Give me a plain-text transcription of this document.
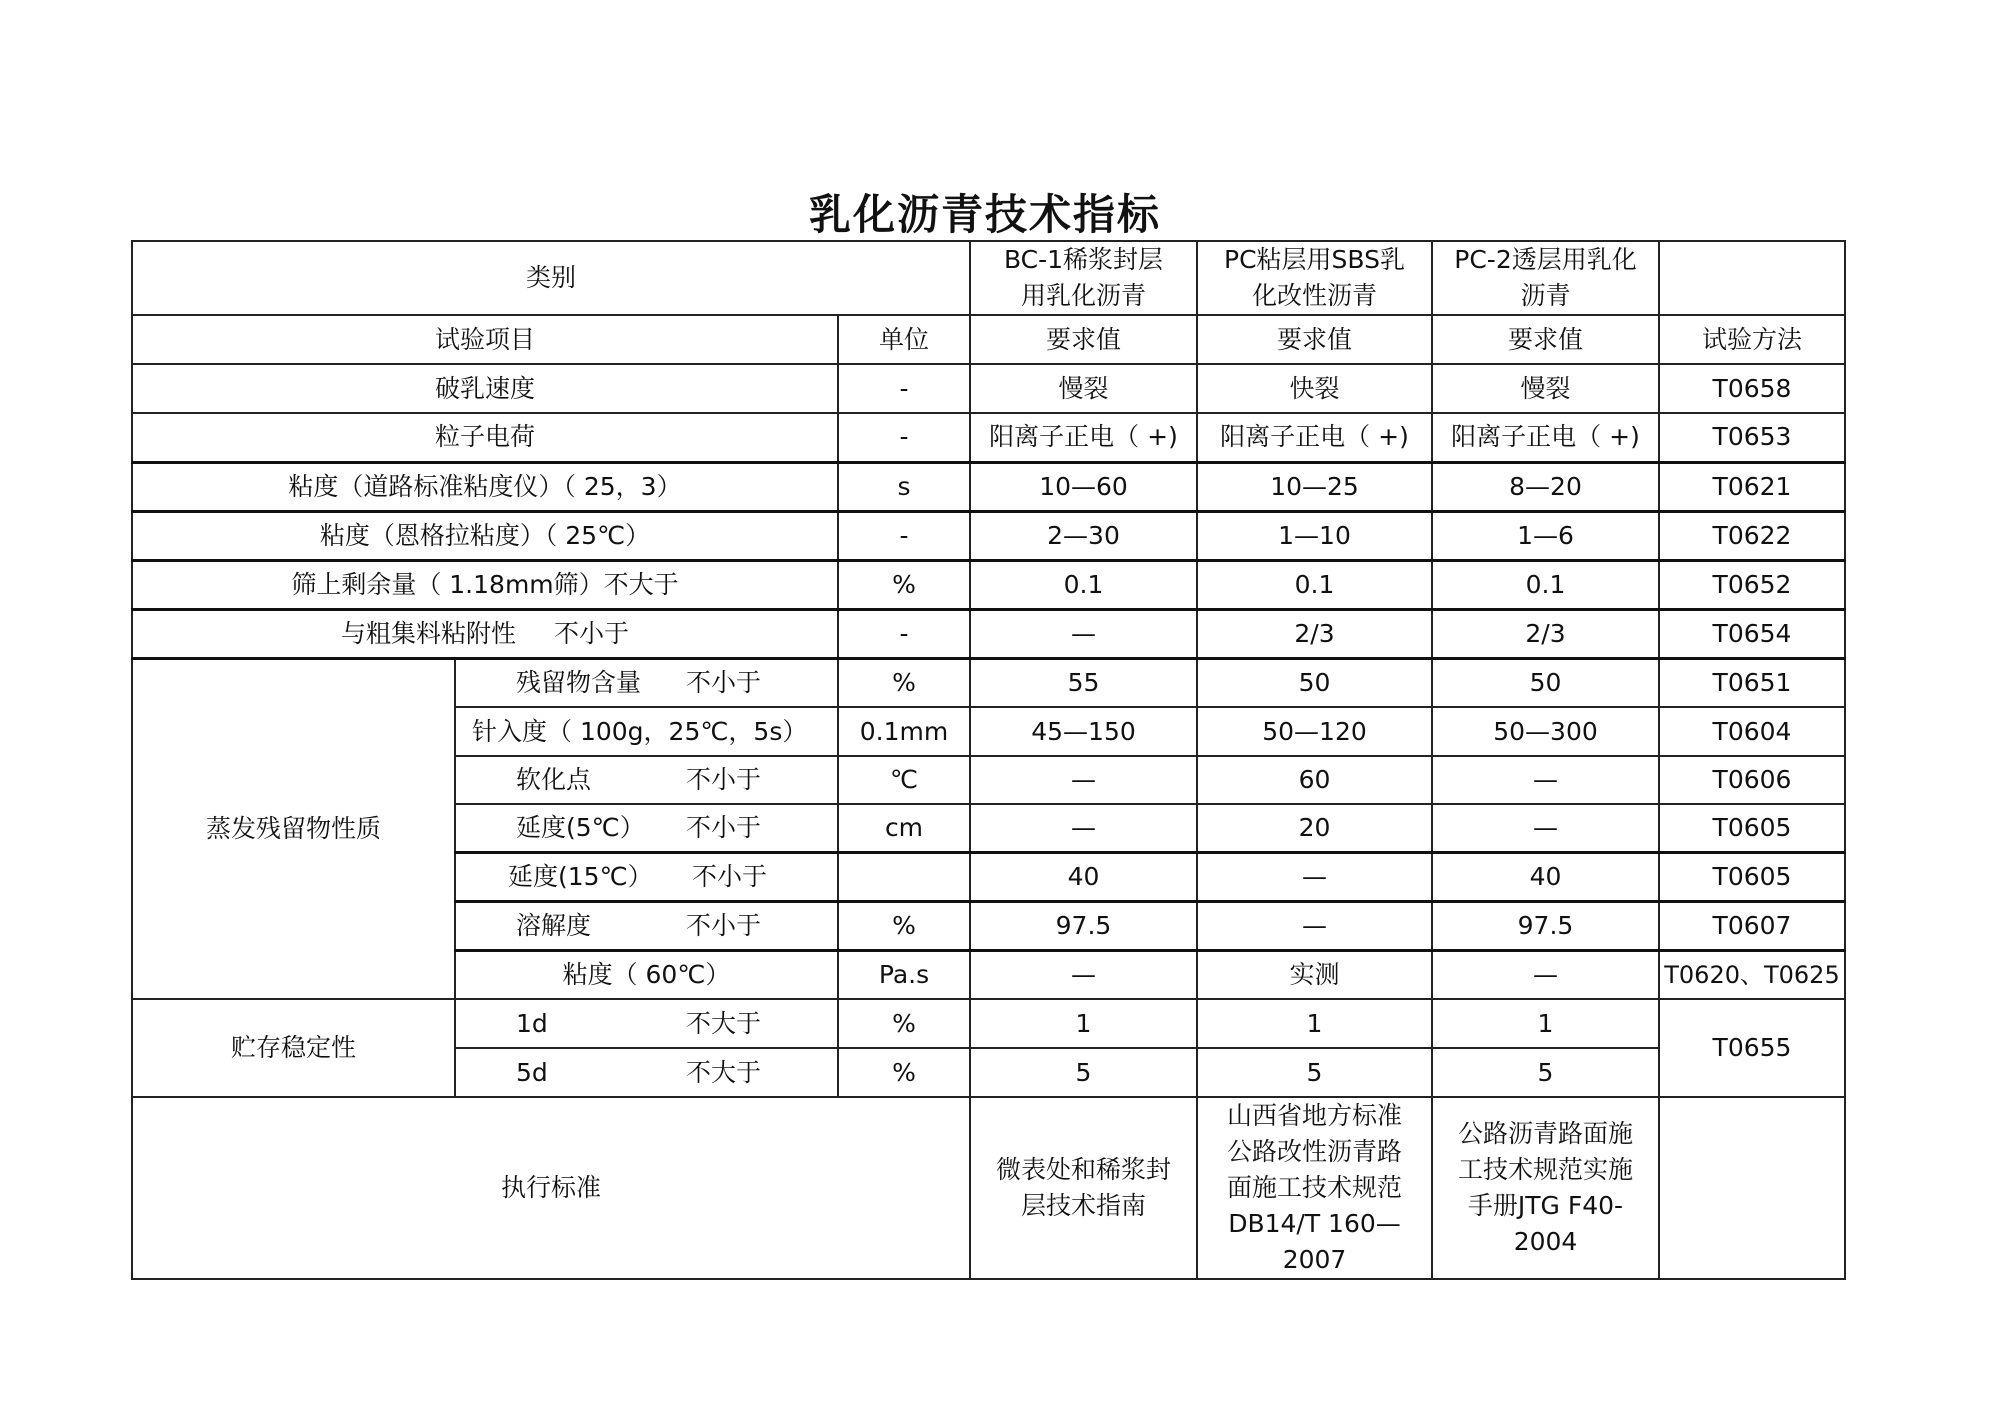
乳化沥青技术指标
类别			BC-1稀浆封层用乳化沥青	PC粘层用SBS乳化改性沥青	PC-2透层用乳化沥青	
试验项目		单位	要求值	要求值	要求值	试验方法
破乳速度		-	慢裂	快裂	慢裂	T0658
粒子电荷		-	阳离子正电（ +)	阳离子正电（ +)	阳离子正电（ +)	T0653
粘度（道路标准粘度仪）（ 25，3）		s	10—60	10—25	8—20	T0621
粘度（恩格拉粘度）（ 25℃）		-	2—30	1—10	1—6	T0622
筛上剩余量（ 1.18mm筛）不大于		%	0.1	0.1	0.1	T0652
与粗集料粘附性 不小于		-	—	2/3	2/3	T0654
蒸发残留物性质	残留物含量 不小于	%	55	50	50	T0651
	针入度（ 100g，25℃，5s）	0.1mm	45—150	50—120	50—300	T0604
	软化点 不小于	℃	—	60	—	T0606
	延度(5℃） 不小于	cm	—	20	—	T0605
	延度(15℃） 不小于		40	—	40	T0605
	溶解度 不小于	%	97.5	—	97.5	T0607
	粘度（ 60℃）	Pa.s	—	实测	—	T0620、T0625
贮存稳定性	1d 不大于	%	1	1	1	T0655
	5d 不大于	%	5	5	5	
执行标准			微表处和稀浆封层技术指南	山西省地方标准公路改性沥青路面施工技术规范 DB14/T 160—2007	公路沥青路面施工技术规范实施手册JTG F40-2004	
